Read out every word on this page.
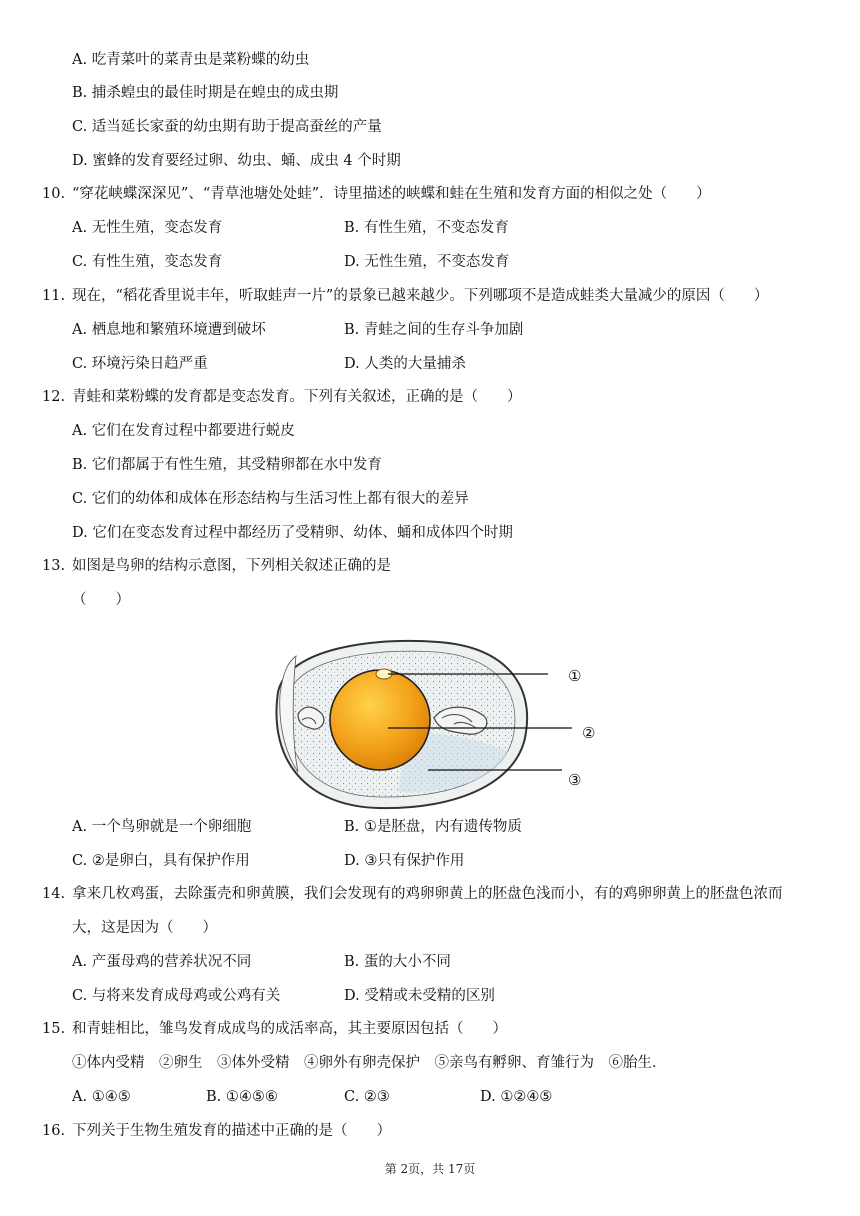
A. 吃青菜叶的菜青虫是菜粉蝶的幼虫
B. 捕杀蝗虫的最佳时期是在蝗虫的成虫期
C. 适当延长家蚕的幼虫期有助于提高蚕丝的产量
D. 蜜蜂的发育要经过卵、幼虫、蛹、成虫 4 个时期
10. “穿花峡蝶深深见”、“青草池塘处处蛙”．诗里描述的峡蝶和蛙在生殖和发育方面的相似之处（　　）
A. 无性生殖，变态发育	B. 有性生殖，不变态发育
C. 有性生殖，变态发育	D. 无性生殖，不变态发育
11. 现在，“稻花香里说丰年，听取蛙声一片”的景象已越来越少。下列哪项不是造成蛙类大量减少的原因（　　）
A. 栖息地和繁殖环境遭到破坏	B. 青蛙之间的生存斗争加剧
C. 环境污染日趋严重	D. 人类的大量捕杀
12. 青蛙和菜粉蝶的发育都是变态发育。下列有关叙述，正确的是（　　）
A. 它们在发育过程中都要进行蜕皮
B. 它们都属于有性生殖，其受精卵都在水中发育
C. 它们的幼体和成体在形态结构与生活习性上都有很大的差异
D. 它们在变态发育过程中都经历了受精卵、幼体、蛹和成体四个时期
13. 如图是鸟卵的结构示意图，下列相关叙述正确的是
（　　）
①
②
③
A. 一个鸟卵就是一个卵细胞	B. ①是胚盘，内有遗传物质
C. ②是卵白，具有保护作用	D. ③只有保护作用
14. 拿来几枚鸡蛋，去除蛋壳和卵黄膜，我们会发现有的鸡卵卵黄上的胚盘色浅而小，有的鸡卵卵黄上的胚盘色浓而
大，这是因为（　　）
A. 产蛋母鸡的营养状况不同	B. 蛋的大小不同
C. 与将来发育成母鸡或公鸡有关	D. 受精或未受精的区别
15. 和青蛙相比，雏鸟发育成成鸟的成活率高，其主要原因包括（　　）
①体内受精　②卵生　③体外受精　④卵外有卵壳保护　⑤亲鸟有孵卵、育雏行为　⑥胎生．
A. ①④⑤	B. ①④⑤⑥	C. ②③	D. ①②④⑤
16. 下列关于生物生殖发育的描述中正确的是（　　）
第 2页，共 17页
